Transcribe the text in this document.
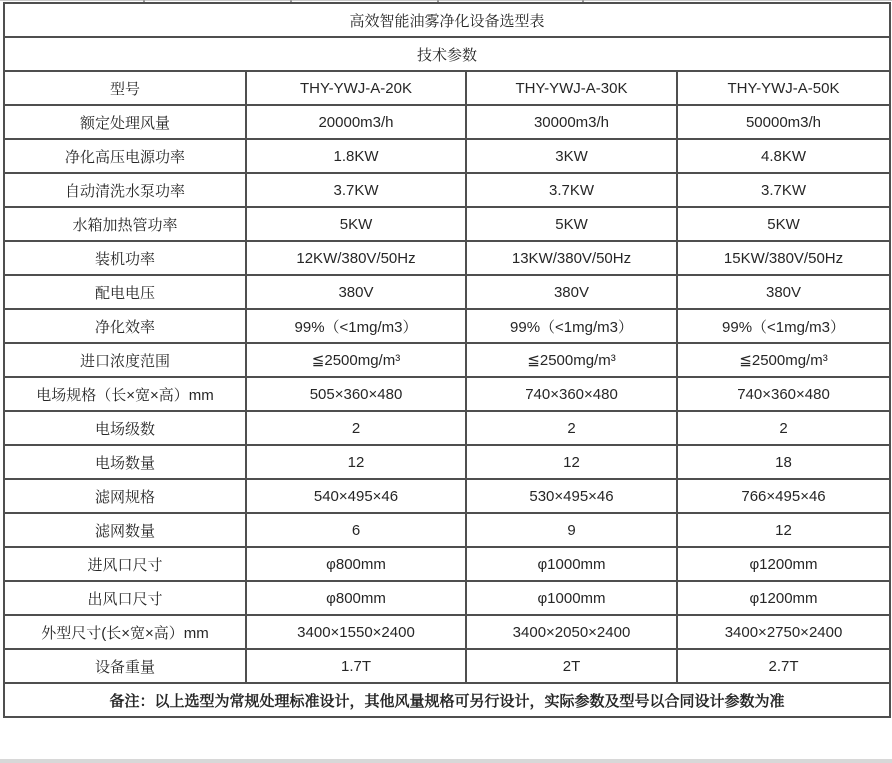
高效智能油雾净化设备选型表			
技术参数			
型号	THY-YWJ-A-20K	THY-YWJ-A-30K	THY-YWJ-A-50K
额定处理风量	20000m3/h	30000m3/h	50000m3/h
净化高压电源功率	1.8KW	3KW	4.8KW
自动清洗水泵功率	3.7KW	3.7KW	3.7KW
水箱加热管功率	5KW	5KW	5KW
装机功率	12KW/380V/50Hz	13KW/380V/50Hz	15KW/380V/50Hz
配电电压	380V	380V	380V
净化效率	99%（<1mg/m3）	99%（<1mg/m3）	99%（<1mg/m3）
进口浓度范围	≦2500mg/m³	≦2500mg/m³	≦2500mg/m³
电场规格（长×宽×高）mm	505×360×480	740×360×480	740×360×480
电场级数	2	2	2
电场数量	12	12	18
滤网规格	540×495×46	530×495×46	766×495×46
滤网数量	6	9	12
进风口尺寸	φ800mm	φ1000mm	φ1200mm
出风口尺寸	φ800mm	φ1000mm	φ1200mm
外型尺寸(长×宽×高）mm	3400×1550×2400	3400×2050×2400	3400×2750×2400
设备重量	1.7T	2T	2.7T
备注：以上选型为常规处理标准设计，其他风量规格可另行设计，实际参数及型号以合同设计参数为准			
